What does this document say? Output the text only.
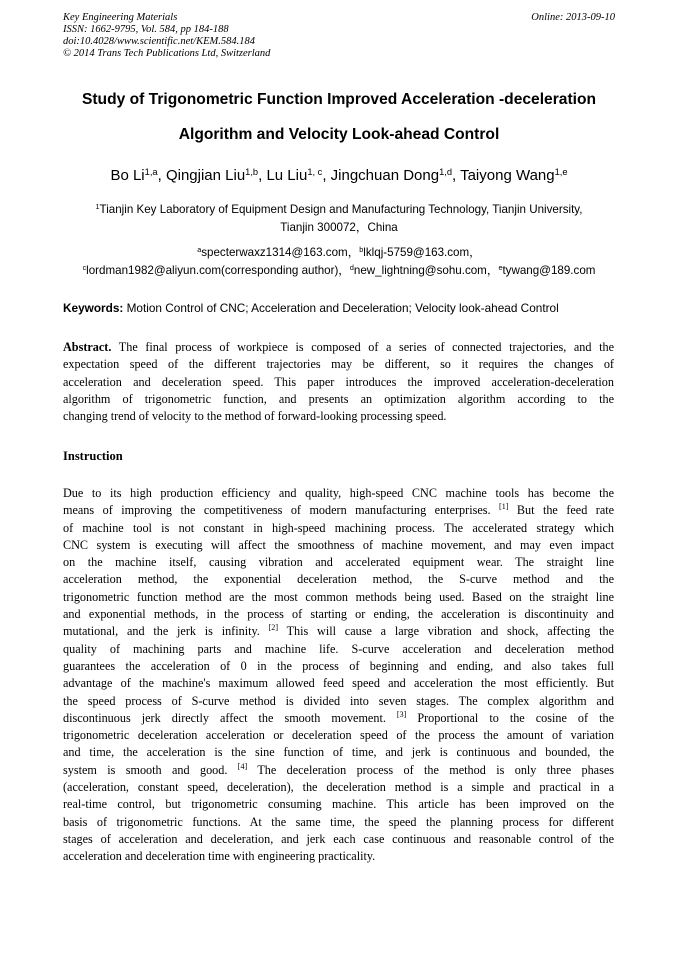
Key Engineering Materials
ISSN: 1662-9795, Vol. 584, pp 184-188
doi:10.4028/www.scientific.net/KEM.584.184
© 2014 Trans Tech Publications Ltd, Switzerland
Online: 2013-09-10
Study of Trigonometric Function Improved Acceleration -deceleration
Algorithm and Velocity Look-ahead Control
Bo Li$^{1,a}$, Qingjian Liu$^{1,b}$, Lu Liu$^{1, c}$, Jingchuan Dong$^{1,d}$, Taiyong Wang$^{1,e}$
$^1$Tianjin Key Laboratory of Equipment Design and Manufacturing Technology, Tianjin University,
Tianjin 300072，China
$^a$specterwaxz1314@163.com，$^b$lklqj-5759@163.com，
$^c$lordman1982@aliyun.com(corresponding author)，$^d$new_lightning@sohu.com，$^e$tywang@189.com
Keywords: Motion Control of CNC; Acceleration and Deceleration; Velocity look-ahead Control
Abstract. The final process of workpiece is composed of a series of connected trajectories, and the
expectation speed of the different trajectories may be different, so it requires the changes of
acceleration and deceleration speed. This paper introduces the improved acceleration-deceleration
algorithm of trigonometric function, and presents an optimization algorithm according to the
changing trend of velocity to the method of forward-looking processing speed.
Instruction
Due to its high production efficiency and quality, high-speed CNC machine tools has become the
means of improving the competitiveness of modern manufacturing enterprises. [1] But the feed rate
of machine tool is not constant in high-speed machining process. The accelerated strategy which
CNC system is executing will affect the smoothness of machine movement, and may even impact
on the machine itself, causing vibration and accelerated equipment wear. The straight line
acceleration method, the exponential deceleration method, the S-curve method and the
trigonometric function method are the most common methods being used. Based on the straight line
and exponential methods, in the process of starting or ending, the acceleration is discontinuity and
mutational, and the jerk is infinity. [2] This will cause a large vibration and shock, affecting the
quality of machining parts and machine life. S-curve acceleration and deceleration method
guarantees the acceleration of 0 in the process of beginning and ending, and also takes full
advantage of the machine's maximum allowed feed speed and acceleration the most efficiently. But
the speed process of S-curve method is divided into seven stages. The complex algorithm and
discontinuous jerk directly affect the smooth movement. [3] Proportional to the cosine of the
trigonometric deceleration acceleration or deceleration speed of the process the amount of variation
and time, the acceleration is the sine function of time, and jerk is continuous and bounded, the
system is smooth and good. [4] The deceleration process of the method is only three phases
(acceleration, constant speed, deceleration), the deceleration method is a simple and practical in a
real-time control, but trigonometric consuming machine. This article has been improved on the
basis of trigonometric functions. At the same time, the speed the planning process for different
stages of acceleration and deceleration, and jerk each case continuous and reasonable control of the
acceleration and deceleration time with engineering practicality.
